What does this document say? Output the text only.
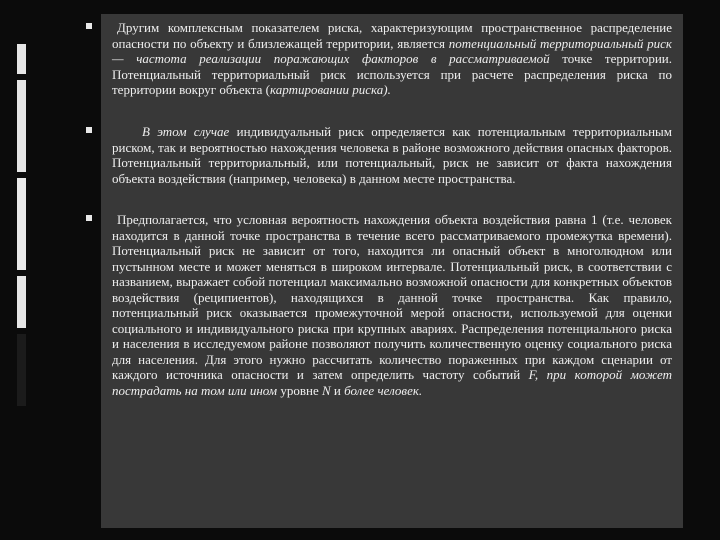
Другим комплексным показателем риска, характеризующим пространственное распределение опасности по объекту и близлежащей территории, является потенциальный территориальный риск — частота реализации поражающих факторов в рассматриваемой точке территории. Потенциальный территориальный риск используется при расчете распределения риска по территории вокруг объекта (картировании риска).

В этом случае индивидуальный риск определяется как потенциальным территориальным риском, так и вероятностью нахождения человека в районе возможного действия опасных факторов. Потенциальный территориальный, или потенциальный, риск не зависит от факта нахождения объекта воздействия (например, человека) в данном месте пространства.

Предполагается, что условная вероятность нахождения объекта воздействия равна 1 (т.е. человек находится в данной точке пространства в течение всего рассматриваемого промежутка времени). Потенциальный риск не зависит от того, находится ли опасный объект в многолюдном или пустынном месте и может меняться в широком интервале. Потенциальный риск, в соответствии с названием, выражает собой потенциал максимально возможной опасности для конкретных объектов воздействия (реципиентов), находящихся в данной точке пространства. Как правило, потенциальный риск оказывается промежуточной мерой опасности, используемой для оценки социального и индивидуального риска при крупных авариях. Распределения потенциального риска и населения в исследуемом районе позволяют получить количественную оценку социального риска для населения. Для этого нужно рассчитать количество пораженных при каждом сценарии от каждого источника опасности и затем определить частоту событий F, при которой может пострадать на том или ином уровне N и более человек.
